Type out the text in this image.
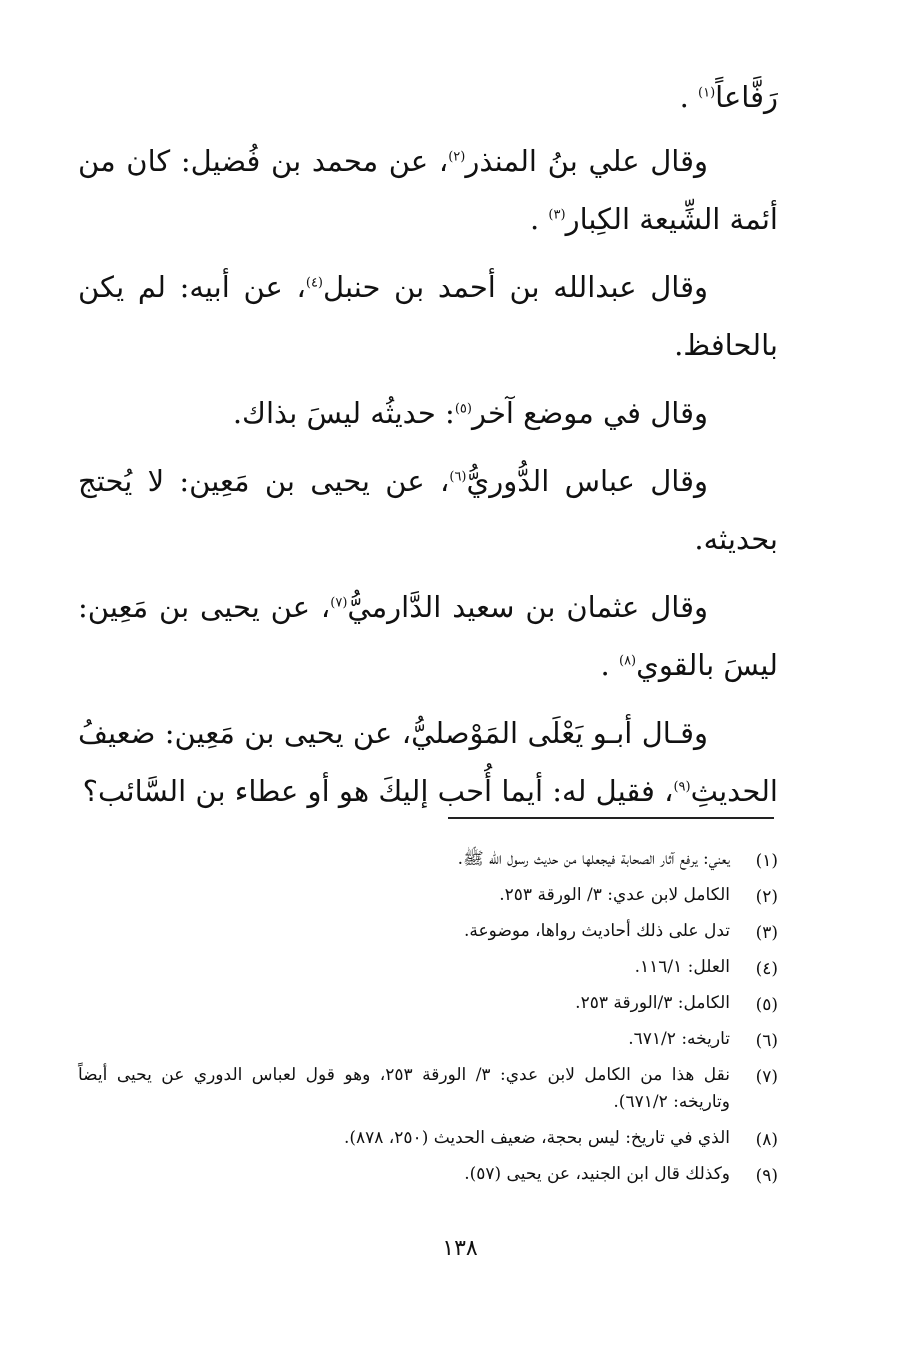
رَفَّاعاً$^{(١)}$ .

وقال علي بنُ المنذر$^{(٢)}$، عن محمد بن فُضيل: كان من أئمة الشِّيعة الكِبار$^{(٣)}$ .

وقال عبدالله بن أحمد بن حنبل$^{(٤)}$، عن أبيه: لم يكن بالحافظ.

وقال في موضع آخر$^{(٥)}$: حديثُه ليسَ بذاك.

وقال عباس الدُّوريُّ$^{(٦)}$، عن يحيى بن مَعِين: لا يُحتج بحديثه.

وقال عثمان بن سعيد الدَّارميُّ$^{(٧)}$، عن يحيى بن مَعِين: ليسَ بالقوي$^{(٨)}$ .

وقـال أبـو يَعْلَى المَوْصليُّ، عن يحيى بن مَعِين: ضعيفُ الحديثِ$^{(٩)}$، فقيل له: أيما أُحب إليكَ هو أو عطاء بن السَّائب؟

(١)
يعني: يرفع آثار الصحابة فيجعلها من حديث رسول الله ﷺ.
(٢)
الكامل لابن عدي: ٣/ الورقة ٢٥٣.
(٣)
تدل على ذلك أحاديث رواها، موضوعة.
(٤)
العلل: ١١٦/١.
(٥)
الكامل: ٣/الورقة ٢٥٣.
(٦)
تاريخه: ٦٧١/٢.
(٧)
نقل هذا من الكامل لابن عدي: ٣/ الورقة ٢٥٣، وهو قول لعباس الدوري عن يحيى أيضاً وتاريخه: ٦٧١/٢).
(٨)
الذي في تاريخ: ليس بحجة، ضعيف الحديث (٢٥٠، ٨٧٨).
(٩)
وكذلك قال ابن الجنيد، عن يحيى (٥٧).
١٣٨
